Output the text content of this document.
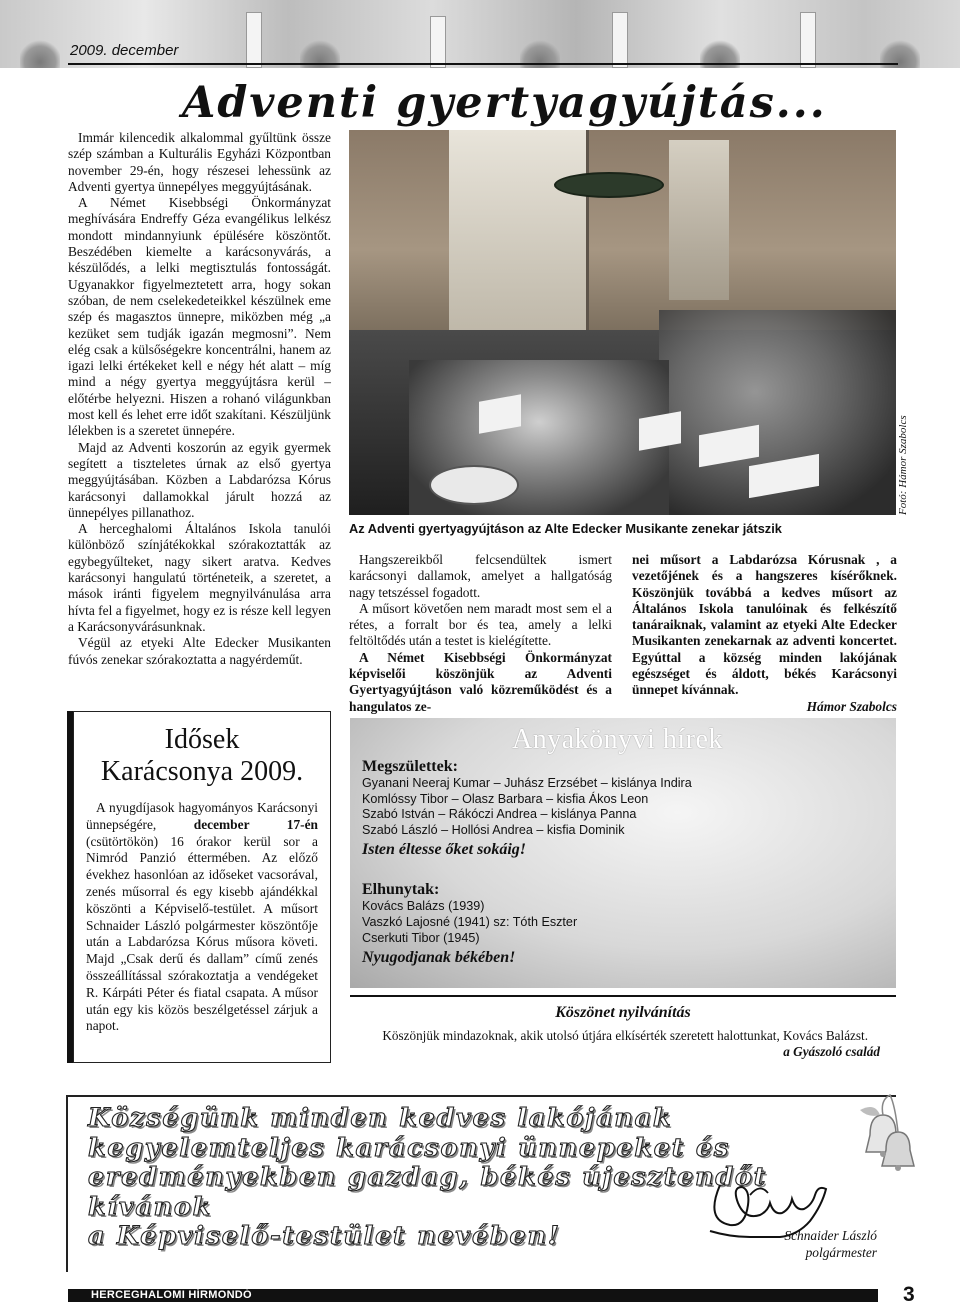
2009. december
Adventi gyertyagyújtás...

Immár kilencedik alkalommal gyűltünk össze szép számban a Kulturális Egyházi Központban november 29-én, hogy részesei lehessünk az Adventi gyertya ünnepélyes meggyújtásának.

A Német Kisebbségi Önkormányzat meghívására Endreffy Géza evangélikus lelkész mondott mindannyiunk épülésére köszöntőt. Beszédében kiemelte a karácsonyvárás, a készülődés, a lelki megtisztulás fontosságát. Ugyanakkor figyelmeztetett arra, hogy sokan szóban, de nem cselekedeteikkel készülnek eme szép és magasztos ünnepre, miközben még „a kezüket sem tudják igazán megmosni”. Nem elég csak a külsőségekre koncentrálni, hanem az igazi lelki értékeket kell e négy hét alatt – míg mind a négy gyertya meggyújtásra kerül – előtérbe helyezni. Hiszen a rohanó világunkban most kell és lehet erre időt szakítani. Készüljünk lélekben is a szeretet ünnepére.

Majd az Adventi koszorún az egyik gyermek segített a tiszteletes úrnak az első gyertya meggyújtásában. Közben a Labdarózsa Kórus karácsonyi dallamokkal járult hozzá az ünnepélyes pillanathoz.

A herceghalomi Általános Iskola tanulói különböző színjátékokkal szórakoztatták az egybegyűlteket, nagy sikert aratva. Kedves karácsonyi hangulatú történeteik, a szeretet, a mások iránti figyelem megnyilvánulása arra hívta fel a figyelmet, hogy ez is része kell legyen a Karácsonyvárásunknak.

Végül az etyeki Alte Edecker Musikanten fúvós zenekar szórakoztatta a nagyérdeműt.

Fotó: Hámor Szabolcs
Az Adventi gyertyagyújtáson az Alte Edecker Musikante zenekar játszik

Hangszereikből felcsendültek ismert karácsonyi dallamok, amelyet a hallgatóság nagy tetszéssel fogadott.

A műsort követően nem maradt most sem el a rétes, a forralt bor és tea, amely a lelki feltöltődés után a testet is kielégítette.

A Német Kisebbségi Önkormányzat képviselői köszönjük az Adventi Gyertyagyújtáson való közreműködést és a hangulatos ze-

nei műsort a Labdarózsa Kórusnak , a vezetőjének és a hangszeres kísérőknek. Köszönjük továbbá a kedves műsort az Általános Iskola tanulóinak és felkészítő tanáraiknak, valamint az etyeki Alte Edecker Musikanten zenekarnak az adventi koncertet. Egyúttal a község minden lakójának egészséget és áldott, békés Karácsonyi ünnepet kívánnak.

Hámor Szabolcs
Idősek
Karácsonya 2009.

A nyugdíjasok hagyományos Karácsonyi ünnepségére, december 17-én (csütörtökön) 16 órakor kerül sor a Nimród Panzió éttermében. Az előző évekhez hasonlóan az időseket vacsorával, zenés műsorral és egy kisebb ajándékkal köszönti a Képviselő-testület. A műsort Schnaider László polgármester köszöntője után a Labdarózsa Kórus műsora követi. Majd „Csak derű és dallam” című zenés összeállítással szórakoztatja a vendégeket R. Kárpáti Péter és fiatal csapata. A műsor után egy kis közös beszélgetéssel zárjuk a napot.

Anyakönyvi hírek
Megszülettek:
Gyanani Neeraj Kumar – Juhász Erzsébet – kislánya Indira
Komlóssy Tibor – Olasz Barbara – kisfia Ákos Leon
Szabó István – Rákóczi Andrea – kislánya Panna
Szabó László – Hollósi Andrea – kisfia Dominik
Isten éltesse őket sokáig!
Elhunytak:
Kovács Balázs (1939)
Vaszkó Lajosné (1941) sz: Tóth Eszter
Cserkuti Tibor (1945)
Nyugodjanak békében!
Köszönet nyilvánítás
Köszönjük mindazoknak, akik utolsó útjára elkísérték szeretett halottunkat, Kovács Balázst.
a Gyászoló család
Községünk minden kedves lakójának
kegyelemteljes karácsonyi ünnepeket és
eredményekben gazdag, békés újesztendőt kívánok
a Képviselő-testület nevében!	Schnaider László
polgármester
HERCEGHALOMI HÍRMONDÓ	3
